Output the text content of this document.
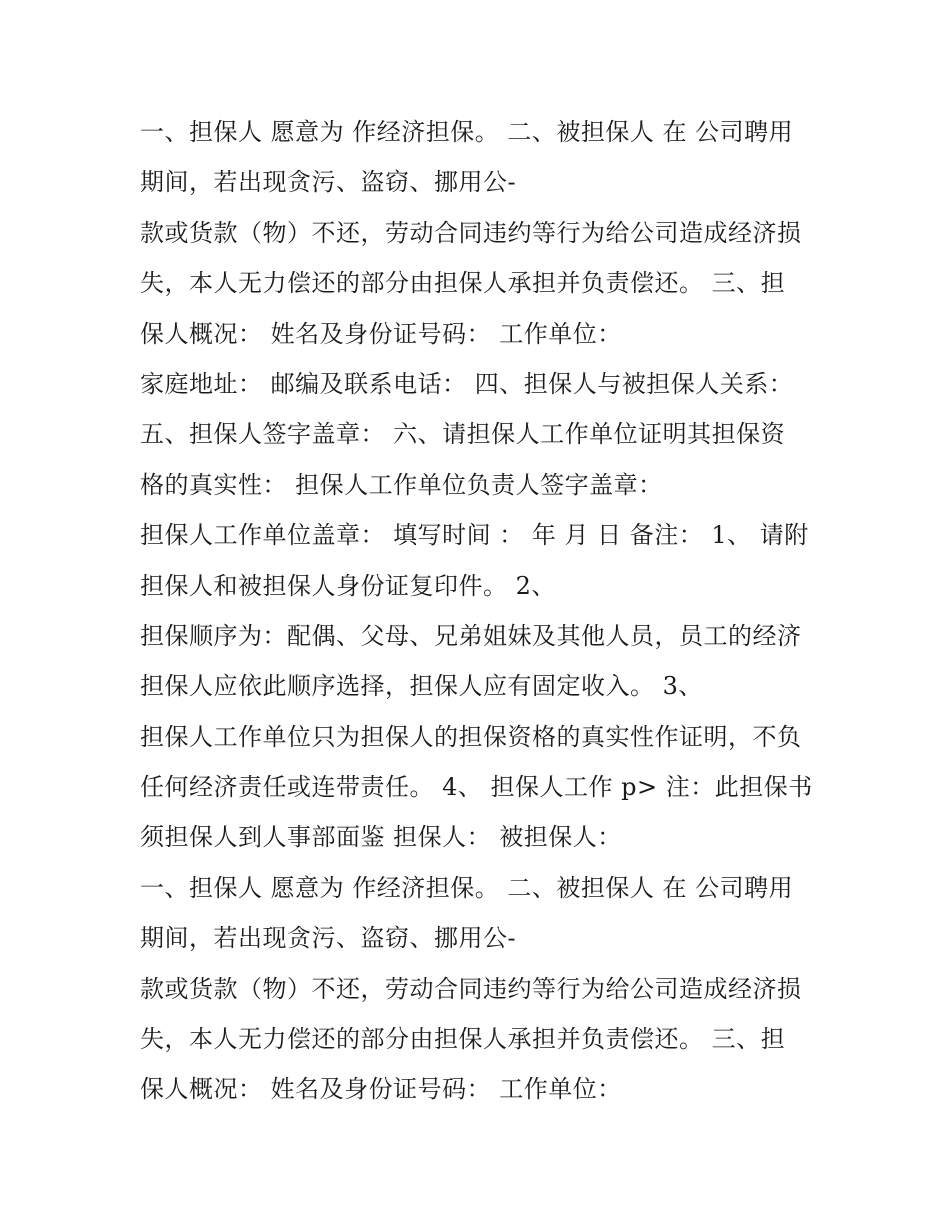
一、担保人 愿意为 作经济担保。 二、被担保人 在 公司聘用
期间，若出现贪污、盗窃、挪用公-
款或货款（物）不还，劳动合同违约等行为给公司造成经济损
失，本人无力偿还的部分由担保人承担并负责偿还。 三、担
保人概况： 姓名及身份证号码： 工作单位：
家庭地址： 邮编及联系电话： 四、担保人与被担保人关系：
五、担保人签字盖章： 六、请担保人工作单位证明其担保资
格的真实性： 担保人工作单位负责人签字盖章：
担保人工作单位盖章： 填写时间 ： 年 月 日 备注： 1、 请附
担保人和被担保人身份证复印件。 2、
担保顺序为：配偶、父母、兄弟姐妹及其他人员，员工的经济
担保人应依此顺序选择，担保人应有固定收入。 3、
担保人工作单位只为担保人的担保资格的真实性作证明，不负
任何经济责任或连带责任。 4、 担保人工作 p> 注：此担保书
须担保人到人事部面鉴 担保人： 被担保人：
一、担保人 愿意为 作经济担保。 二、被担保人 在 公司聘用
期间，若出现贪污、盗窃、挪用公-
款或货款（物）不还，劳动合同违约等行为给公司造成经济损
失，本人无力偿还的部分由担保人承担并负责偿还。 三、担
保人概况： 姓名及身份证号码： 工作单位：
